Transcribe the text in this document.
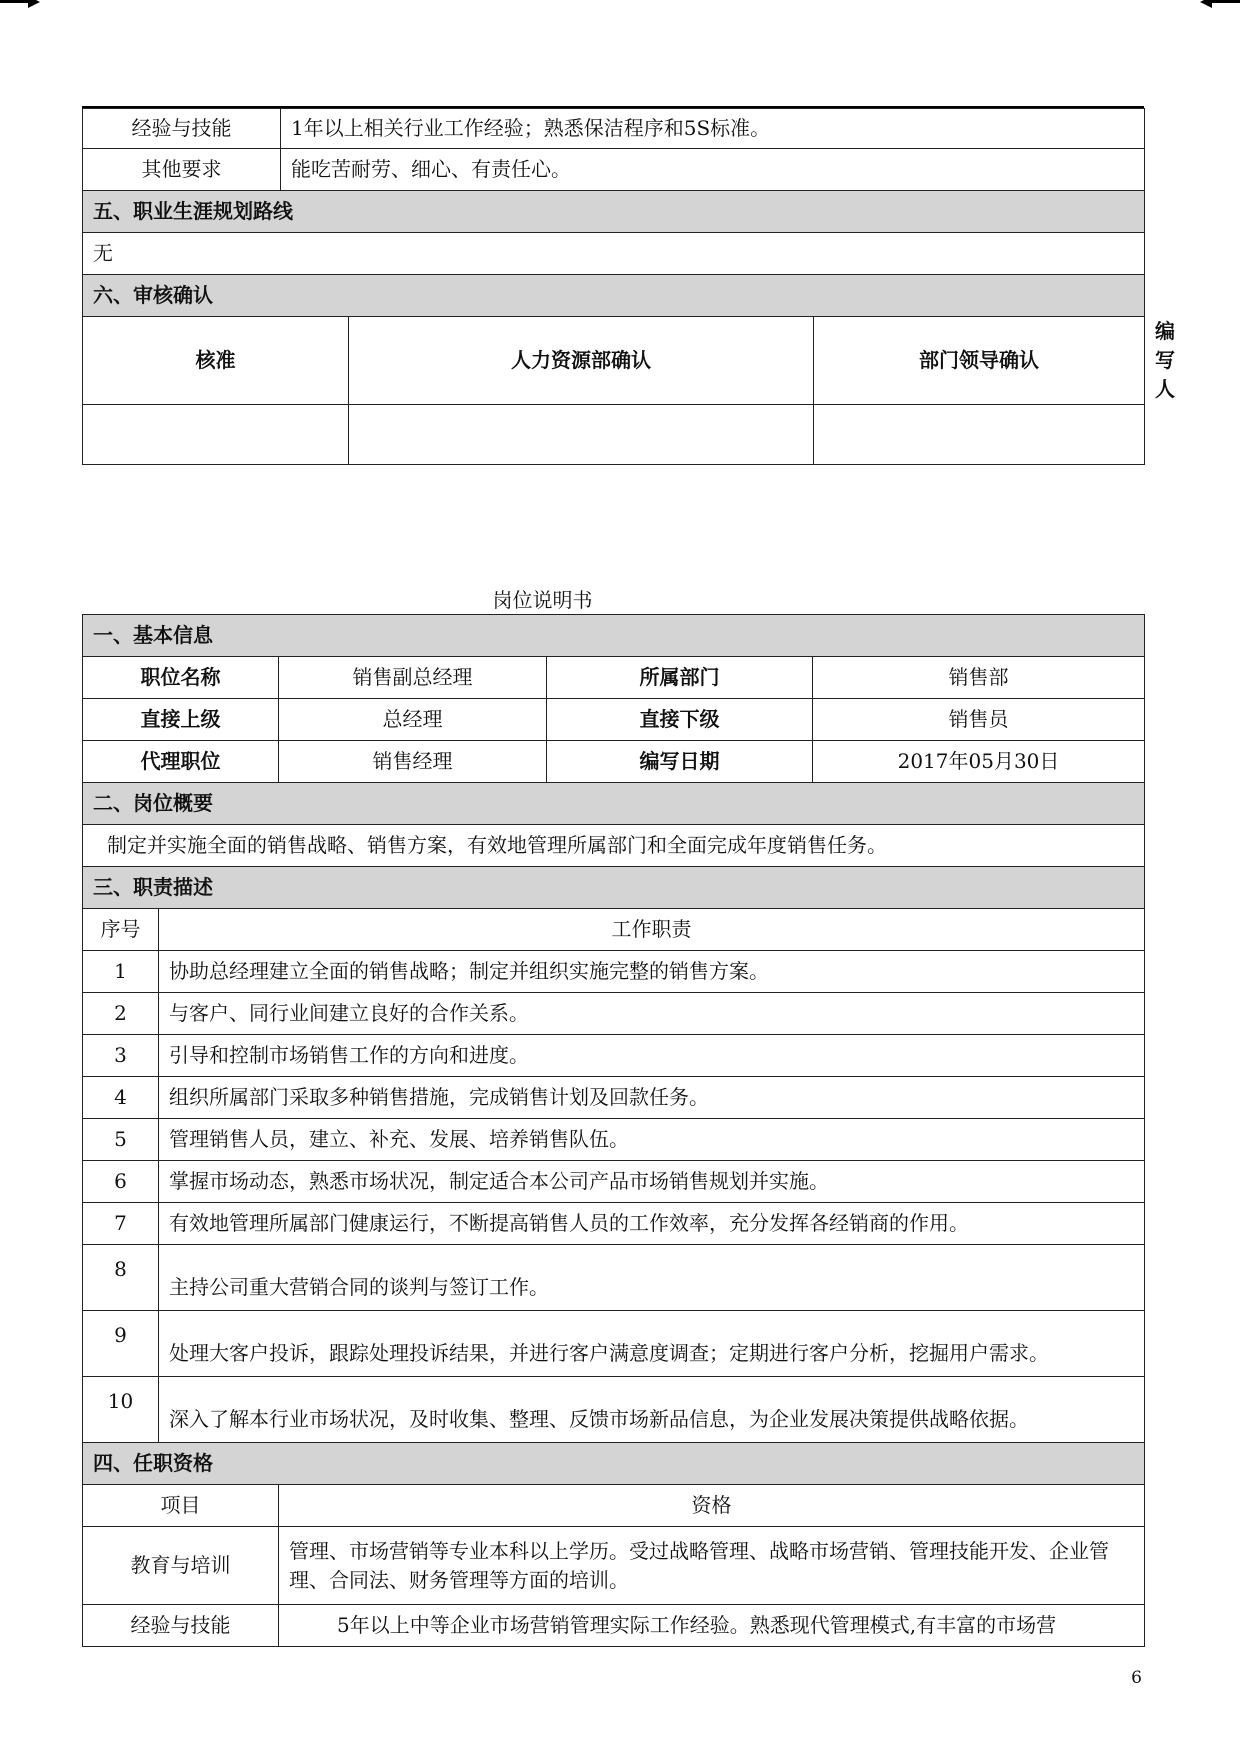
经验与技能	1年以上相关行业工作经验；熟悉保洁程序和5S标准。			
其他要求	能吃苦耐劳、细心、有责任心。			
五、职业生涯规划路线				
无				
六、审核确认				
核准		人力资源部确认	部门领导确认	编写人

岗位说明书
一、基本信息				
职位名称		销售副总经理	所属部门	销售部
直接上级		总经理	直接下级	销售员
代理职位		销售经理	编写日期	2017年05月30日
二、岗位概要				
制定并实施全面的销售战略、销售方案，有效地管理所属部门和全面完成年度销售任务。				
三、职责描述				
序号	工作职责			
1	协助总经理建立全面的销售战略；制定并组织实施完整的销售方案。			
2	与客户、同行业间建立良好的合作关系。			
3	引导和控制市场销售工作的方向和进度。			
4	组织所属部门采取多种销售措施，完成销售计划及回款任务。			
5	管理销售人员，建立、补充、发展、培养销售队伍。			
6	掌握市场动态，熟悉市场状况，制定适合本公司产品市场销售规划并实施。			
7	有效地管理所属部门健康运行，不断提高销售人员的工作效率，充分发挥各经销商的作用。			
8	主持公司重大营销合同的谈判与签订工作。			
9	处理大客户投诉，跟踪处理投诉结果，并进行客户满意度调查；定期进行客户分析，挖掘用户需求。			
10	深入了解本行业市场状况，及时收集、整理、反馈市场新品信息，为企业发展决策提供战略依据。			
四、任职资格				
项目		资格		
教育与培训		管理、市场营销等专业本科以上学历。受过战略管理、战略市场营销、管理技能开发、企业管理、合同法、财务管理等方面的培训。		
经验与技能		5年以上中等企业市场营销管理实际工作经验。熟悉现代管理模式,有丰富的市场营		
6
